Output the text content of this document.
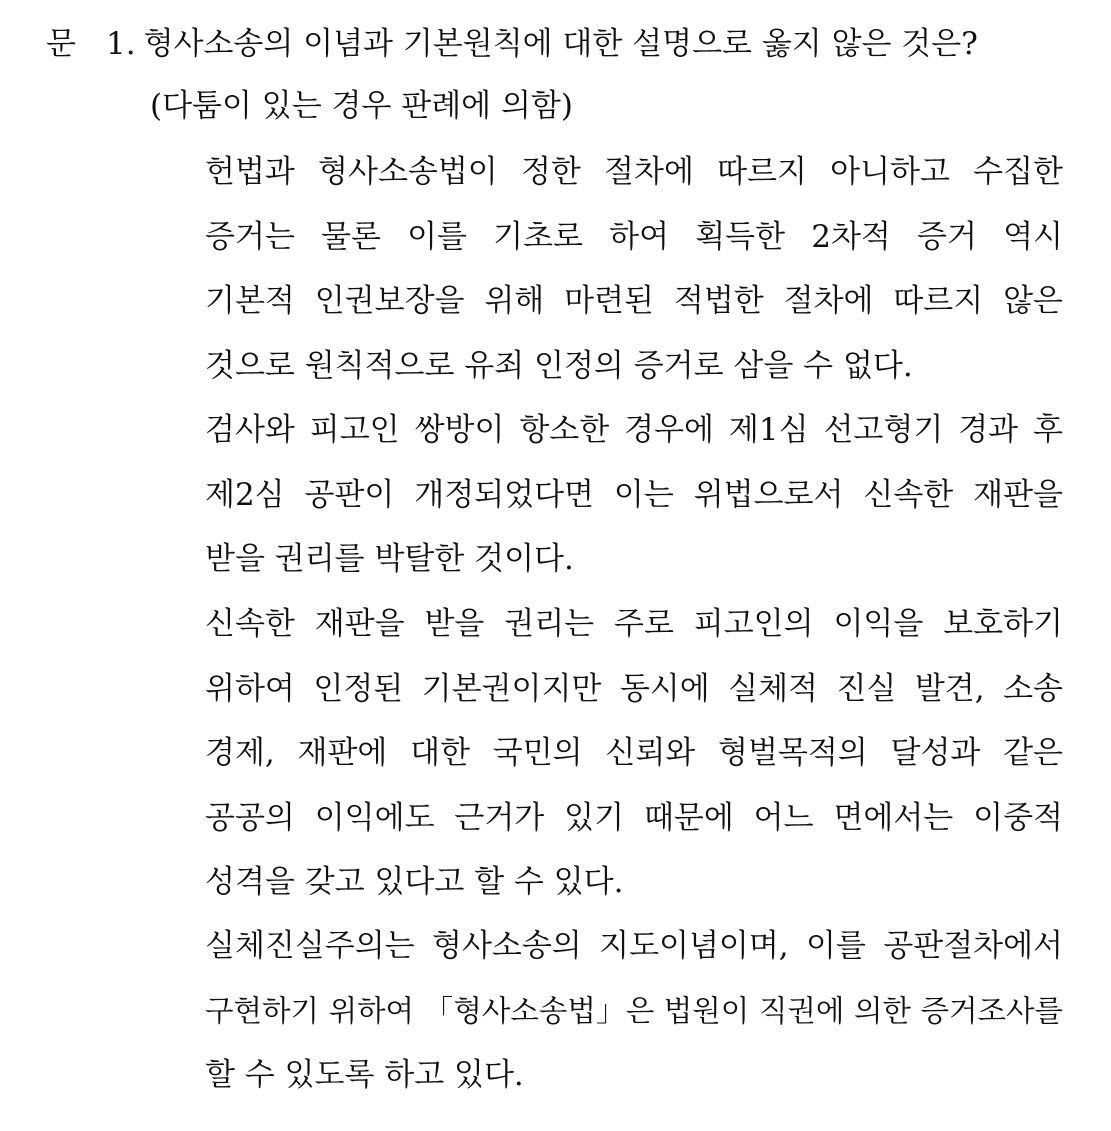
문 1. 형사소송의 이념과 기본원칙에 대한 설명으로 옳지 않은 것은?
(다툼이 있는 경우 판례에 의함)
헌법과 형사소송법이 정한 절차에 따르지 아니하고 수집한
증거는 물론 이를 기초로 하여 획득한 2차적 증거 역시
기본적 인권보장을 위해 마련된 적법한 절차에 따르지 않은
것으로 원칙적으로 유죄 인정의 증거로 삼을 수 없다.
검사와 피고인 쌍방이 항소한 경우에 제1심 선고형기 경과 후
제2심 공판이 개정되었다면 이는 위법으로서 신속한 재판을
받을 권리를 박탈한 것이다.
신속한 재판을 받을 권리는 주로 피고인의 이익을 보호하기
위하여 인정된 기본권이지만 동시에 실체적 진실 발견, 소송
경제, 재판에 대한 국민의 신뢰와 형벌목적의 달성과 같은
공공의 이익에도 근거가 있기 때문에 어느 면에서는 이중적
성격을 갖고 있다고 할 수 있다.
실체진실주의는 형사소송의 지도이념이며, 이를 공판절차에서
구현하기 위하여 「형사소송법」은 법원이 직권에 의한 증거조사를
할 수 있도록 하고 있다.
